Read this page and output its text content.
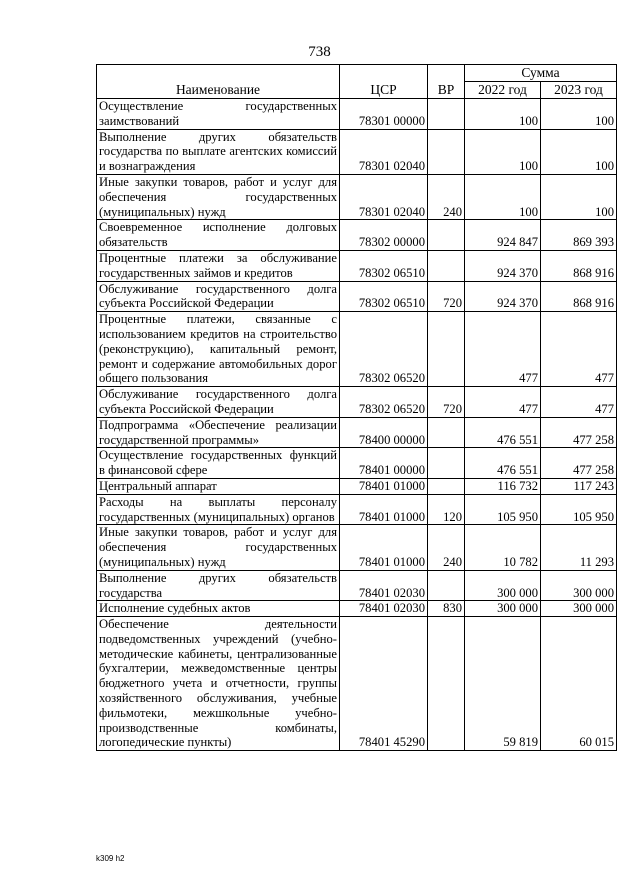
738
Наименование	ЦСР	ВР	Сумма	
			2022 год	2023 год
Осуществление государственных заимствований	78301 00000		100	100
Выполнение других обязательств государства по выплате агентских комиссий и вознаграждения	78301 02040		100	100
Иные закупки товаров, работ и услуг для обеспечения государственных (муниципальных) нужд	78301 02040	240	100	100
Своевременное исполнение долговых обязательств	78302 00000		924 847	869 393
Процентные платежи за обслуживание государственных займов и кредитов	78302 06510		924 370	868 916
Обслуживание государственного долга субъекта Российской Федерации	78302 06510	720	924 370	868 916
Процентные платежи, связанные с использованием кредитов на строительство (реконструкцию), капитальный ремонт, ремонт и содержание автомобильных дорог общего пользования	78302 06520		477	477
Обслуживание государственного долга субъекта Российской Федерации	78302 06520	720	477	477
Подпрограмма «Обеспечение реализации государственной программы»	78400 00000		476 551	477 258
Осуществление государственных функций в финансовой сфере	78401 00000		476 551	477 258
Центральный аппарат	78401 01000		116 732	117 243
Расходы на выплаты персоналу государственных (муниципальных) органов	78401 01000	120	105 950	105 950
Иные закупки товаров, работ и услуг для обеспечения государственных (муниципальных) нужд	78401 01000	240	10 782	11 293
Выполнение других обязательств государства	78401 02030		300 000	300 000
Исполнение судебных актов	78401 02030	830	300 000	300 000
Обеспечение деятельности подведомственных учреждений (учебно-методические кабинеты, централизованные бухгалтерии, межведомственные центры бюджетного учета и отчетности, группы хозяйственного обслуживания, учебные фильмотеки, межшкольные учебно-производственные комбинаты, логопедические пункты)	78401 45290		59 819	60 015
k309 h2
